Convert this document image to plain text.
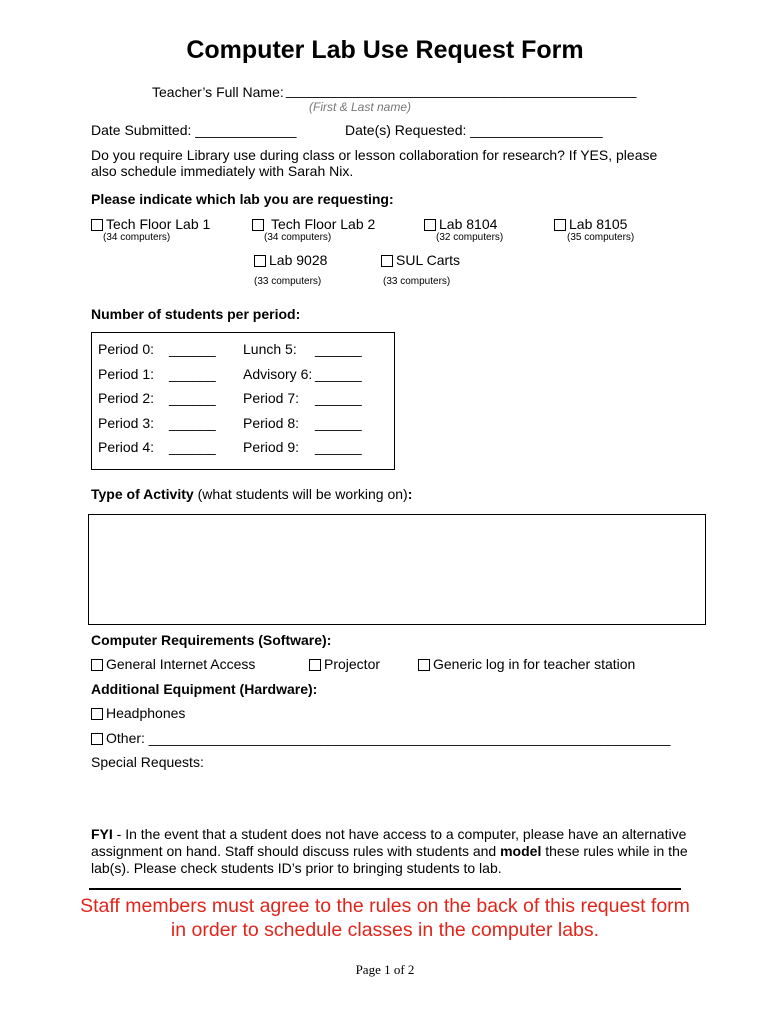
Computer Lab Use Request Form
Teacher’s Full Name: _____________________________________________
(First & Last name)
Date Submitted: _____________	Date(s) Requested: _________________
Do you require Library use during class or lesson collaboration for research? If YES, please
also schedule immediately with Sarah Nix.
Please indicate which lab you are requesting:
Tech Floor Lab 1
(34 computers)
Tech Floor Lab 2
(34 computers)
Lab 8104
(32 computers)
Lab 8105
(35 computers)
Lab 9028
(33 computers)
SUL Carts
(33 computers)
Number of students per period:
Period 0: ______
Period 1: ______
Period 2: ______
Period 3: ______
Period 4: ______
Lunch 5: ______
Advisory 6: ______
Period 7: ______
Period 8: ______
Period 9: ______
Type of Activity (what students will be working on):
Computer Requirements (Software):
General Internet Access	Projector	Generic log in for teacher station
Additional Equipment (Hardware):
Headphones
Other: ___________________________________________________________________
Special Requests:
FYI - In the event that a student does not have access to a computer, please have an alternative assignment on hand. Staff should discuss rules with students and model these rules while in the lab(s). Please check students ID’s prior to bringing students to lab.
Staff members must agree to the rules on the back of this request form in order to schedule classes in the computer labs.
Page 1 of 2
